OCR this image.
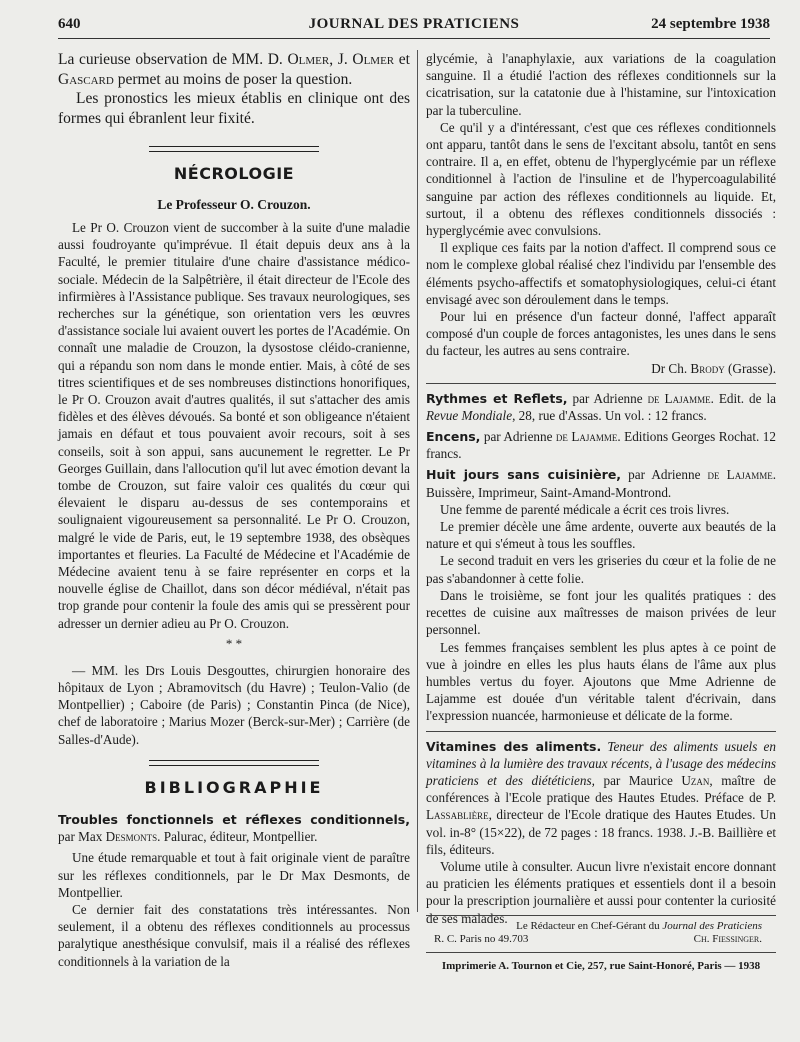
640	JOURNAL DES PRATICIENS	24 septembre 1938

La curieuse observation de MM. D. Olmer, J. Olmer et Gascard permet au moins de poser la question.

Les pronostics les mieux établis en clinique ont des formes qui ébranlent leur fixité.

NÉCROLOGIE
Le Professeur O. Crouzon.

Le Pr O. Crouzon vient de succomber à la suite d'une maladie aussi foudroyante qu'imprévue. Il était depuis deux ans à la Faculté, le premier titulaire d'une chaire d'assistance médico-sociale. Médecin de la Salpêtrière, il était directeur de l'Ecole des infirmières à l'Assistance publique. Ses travaux neurologiques, ses recherches sur la génétique, son orientation vers les œuvres d'assistance sociale lui avaient ouvert les portes de l'Académie. On connaît une maladie de Crouzon, la dysostose cléido-cranienne, qui a répandu son nom dans le monde entier. Mais, à côté de ses titres scientifiques et de ses nombreuses distinctions honorifiques, le Pr O. Crouzon avait d'autres qualités, il sut s'attacher des amis fidèles et des élèves dévoués. Sa bonté et son obligeance n'étaient jamais en défaut et tous pouvaient avoir recours, soit à ses conseils, soit à son appui, sans aucunement le regretter. Le Pr Georges Guillain, dans l'allocution qu'il lut avec émotion devant la tombe de Crouzon, sut faire valoir ces qualités du cœur qui élevaient le disparu au-dessus de ses contemporains et soulignaient vigoureusement sa personnalité. Le Pr O. Crouzon, malgré le vide de Paris, eut, le 19 septembre 1938, des obsèques importantes et fleuries. La Faculté de Médecine et l'Académie de Médecine avaient tenu à se faire représenter en corps et la nouvelle église de Chaillot, dans son décor médiéval, n'était pas trop grande pour contenir la foule des amis qui se pressèrent pour adresser un dernier adieu au Pr O. Crouzon.

* *

— MM. les Drs Louis Desgouttes, chirurgien honoraire des hôpitaux de Lyon ; Abramovitsch (du Havre) ; Teulon-Valio (de Montpellier) ; Caboire (de Paris) ; Constantin Pinca (de Nice), chef de laboratoire ; Marius Mozer (Berck-sur-Mer) ; Carrière (de Salles-d'Aude).

BIBLIOGRAPHIE

Troubles fonctionnels et réflexes conditionnels, par Max Desmonts. Palurac, éditeur, Montpellier.

Une étude remarquable et tout à fait originale vient de paraître sur les réflexes conditionnels, par le Dr Max Desmonts, de Montpellier.

Ce dernier fait des constatations très intéressantes. Non seulement, il a obtenu des réflexes conditionnels au processus paralytique anesthésique convulsif, mais il a réalisé des réflexes conditionnels à la variation de la

glycémie, à l'anaphylaxie, aux variations de la coagulation sanguine. Il a étudié l'action des réflexes conditionnels sur la cicatrisation, sur la catatonie due à l'histamine, sur l'intoxication par la tuberculine.

Ce qu'il y a d'intéressant, c'est que ces réflexes conditionnels ont apparu, tantôt dans le sens de l'excitant absolu, tantôt en sens contraire. Il a, en effet, obtenu de l'hyperglycémie par un réflexe conditionnel à l'action de l'insuline et de l'hypercoagulabilité sanguine par action des réflexes conditionnels au liquide. Et, surtout, il a obtenu des réflexes conditionnels dissociés : hyperglycémie avec convulsions.

Il explique ces faits par la notion d'affect. Il comprend sous ce nom le complexe global réalisé chez l'individu par l'ensemble des éléments psycho-affectifs et somatophysiologiques, celui-ci étant envisagé avec son déroulement dans le temps.

Pour lui en présence d'un facteur donné, l'affect apparaît composé d'un couple de forces antagonistes, les unes dans le sens du facteur, les autres au sens contraire.

Dr Ch. Brody (Grasse).

Rythmes et Reflets, par Adrienne de Lajamme. Edit. de la Revue Mondiale, 28, rue d'Assas. Un vol. : 12 francs.

Encens, par Adrienne de Lajamme. Editions Georges Rochat. 12 francs.

Huit jours sans cuisinière, par Adrienne de Lajamme. Buissère, Imprimeur, Saint-Amand-Montrond.

Une femme de parenté médicale a écrit ces trois livres.

Le premier décèle une âme ardente, ouverte aux beautés de la nature et qui s'émeut à tous les souffles.

Le second traduit en vers les griseries du cœur et la folie de ne pas s'abandonner à cette folie.

Dans le troisième, se font jour les qualités pratiques : des recettes de cuisine aux maîtresses de maison privées de leur personnel.

Les femmes françaises semblent les plus aptes à ce point de vue à joindre en elles les plus hauts élans de l'âme aux plus humbles vertus du foyer. Ajoutons que Mme Adrienne de Lajamme est douée d'un véritable talent d'écrivain, dans l'expression nuancée, harmonieuse et délicate de la forme.

Vitamines des aliments. Teneur des aliments usuels en vitamines à la lumière des travaux récents, à l'usage des médecins praticiens et des diététiciens, par Maurice Uzan, maître de conférences à l'Ecole pratique des Hautes Etudes. Préface de P. Lassablière, directeur de l'Ecole dratique des Hautes Etudes. Un vol. in-8° (15×22), de 72 pages : 18 francs. 1938. J.-B. Baillière et fils, éditeurs.

Volume utile à consulter. Aucun livre n'existait encore donnant au praticien les éléments pratiques et essentiels dont il a besoin pour la prescription journalière et aussi pour contenter la curiosité de ses malades.

Le Rédacteur en Chef-Gérant du Journal des Praticiens
R. C. Paris no 49.703	Ch. Fiessinger.
Imprimerie A. Tournon et Cie, 257, rue Saint-Honoré, Paris — 1938
